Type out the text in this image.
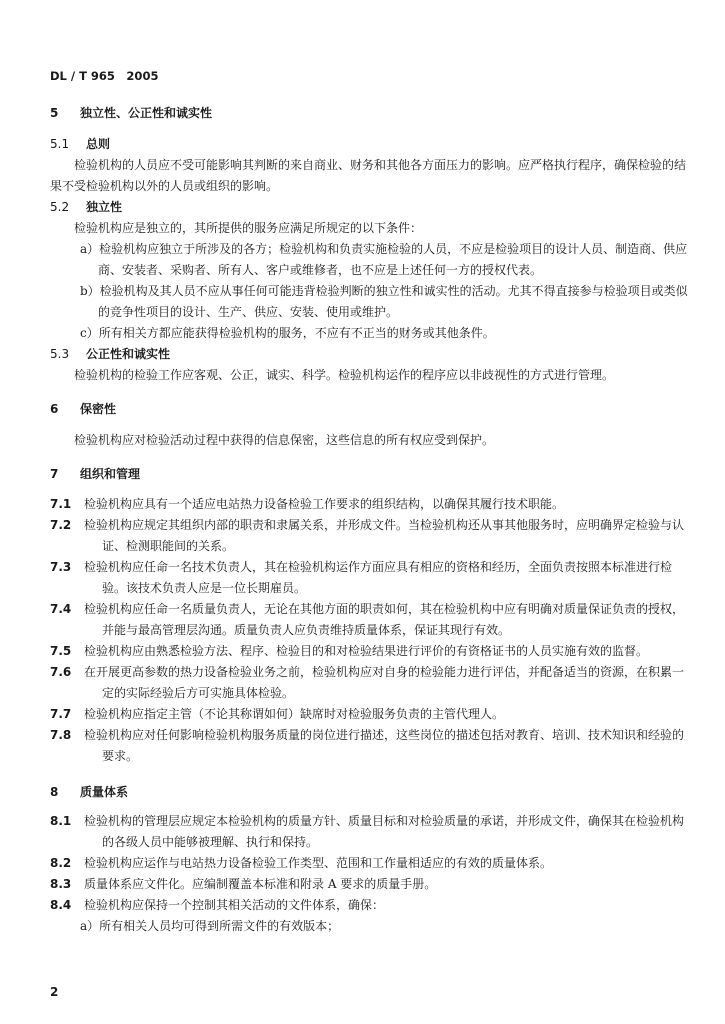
DL / T 965　2005
5 独立性、公正性和诚实性
5.1 总则

检验机构的人员应不受可能影响其判断的来自商业、财务和其他各方面压力的影响。应严格执行程序，确保检验的结果不受检验机构以外的人员或组织的影响。

5.2 独立性

检验机构应是独立的，其所提供的服务应满足所规定的以下条件：

a）检验机构应独立于所涉及的各方；检验机构和负责实施检验的人员，不应是检验项目的设计人员、制造商、供应商、安装者、采购者、所有人、客户或维修者，也不应是上述任何一方的授权代表。

b）检验机构及其人员不应从事任何可能违背检验判断的独立性和诚实性的活动。尤其不得直接参与检验项目或类似的竞争性项目的设计、生产、供应、安装、使用或维护。

c）所有相关方都应能获得检验机构的服务，不应有不正当的财务或其他条件。

5.3 公正性和诚实性

检验机构的检验工作应客观、公正，诚实、科学。检验机构运作的程序应以非歧视性的方式进行管理。

6 保密性

检验机构应对检验活动过程中获得的信息保密，这些信息的所有权应受到保护。

7 组织和管理

7.1 检验机构应具有一个适应电站热力设备检验工作要求的组织结构，以确保其履行技术职能。

7.2 检验机构应规定其组织内部的职责和隶属关系，并形成文件。当检验机构还从事其他服务时，应明确界定检验与认证、检测职能间的关系。

7.3 检验机构应任命一名技术负责人，其在检验机构运作方面应具有相应的资格和经历，全面负责按照本标准进行检验。该技术负责人应是一位长期雇员。

7.4 检验机构应任命一名质量负责人，无论在其他方面的职责如何，其在检验机构中应有明确对质量保证负责的授权，并能与最高管理层沟通。质量负责人应负责维持质量体系，保证其现行有效。

7.5 检验机构应由熟悉检验方法、程序、检验目的和对检验结果进行评价的有资格证书的人员实施有效的监督。

7.6 在开展更高参数的热力设备检验业务之前，检验机构应对自身的检验能力进行评估，并配备适当的资源，在积累一定的实际经验后方可实施具体检验。

7.7 检验机构应指定主管（不论其称谓如何）缺席时对检验服务负责的主管代理人。

7.8 检验机构应对任何影响检验机构服务质量的岗位进行描述，这些岗位的描述包括对教育、培训、技术知识和经验的要求。

8 质量体系

8.1 检验机构的管理层应规定本检验机构的质量方针、质量目标和对检验质量的承诺，并形成文件，确保其在检验机构的各级人员中能够被理解、执行和保持。

8.2 检验机构应运作与电站热力设备检验工作类型、范围和工作量相适应的有效的质量体系。

8.3 质量体系应文件化。应编制覆盖本标准和附录 A 要求的质量手册。

8.4 检验机构应保持一个控制其相关活动的文件体系，确保：

a）所有相关人员均可得到所需文件的有效版本；

2
